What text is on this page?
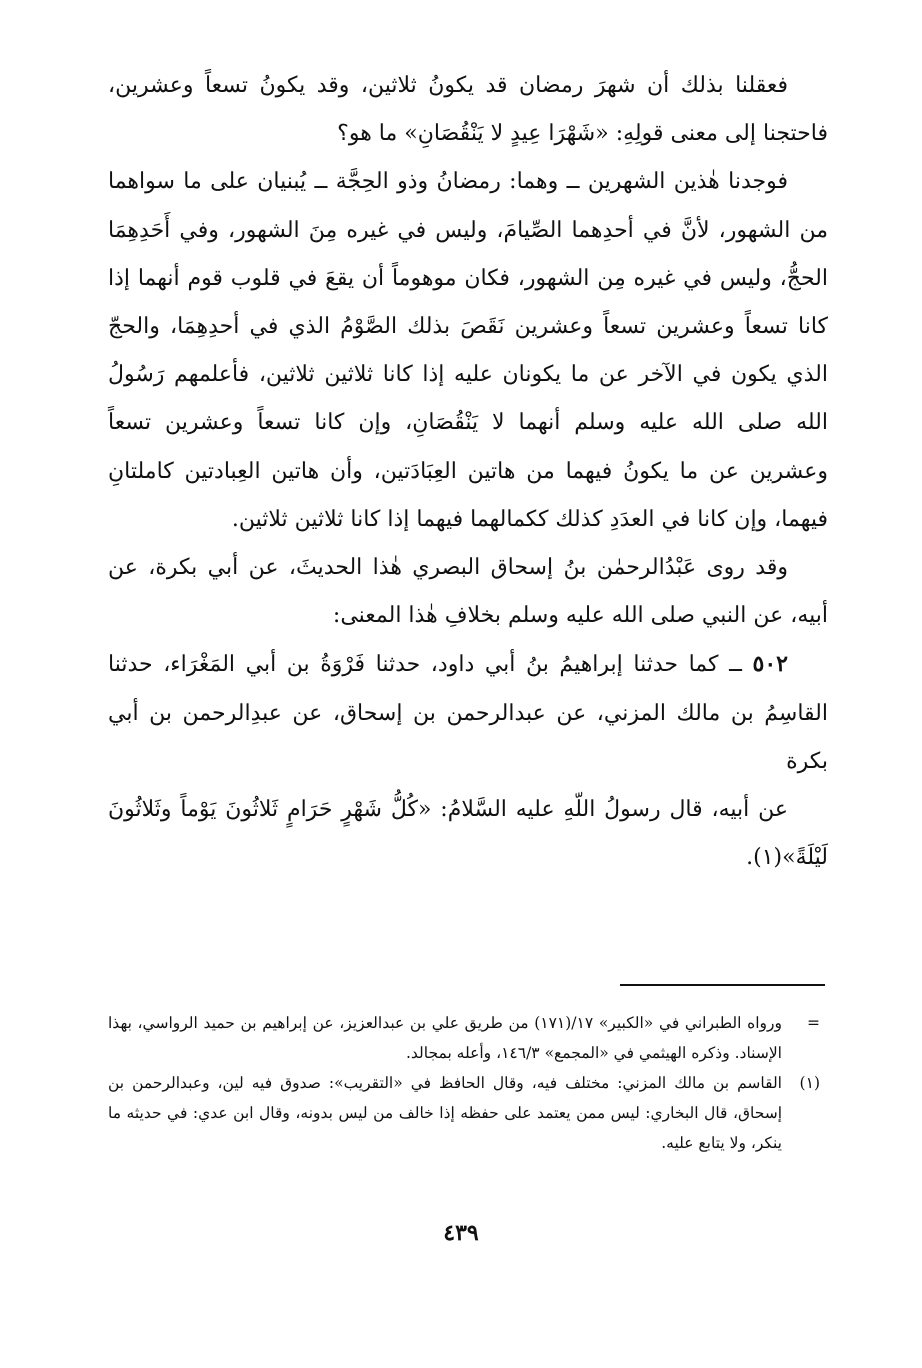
فعقلنا بذلك أن شهرَ رمضان قد يكونُ ثلاثين، وقد يكونُ تسعاً وعشرين، فاحتجنا إلى معنى قولِهِ: «شَهْرَا عِيدٍ لا يَنْقُصَانِ» ما هو؟

فوجدنا هٰذين الشهرين ــ وهما: رمضانُ وذو الحِجَّة ــ يُبنيان على ما سواهما من الشهور، لأنَّ في أحدِهما الصِّيامَ، وليس في غيره مِنَ الشهور، وفي أَحَدِهِمَا الحجُّ، وليس في غيره مِن الشهور، فكان موهوماً أن يقعَ في قلوب قوم أنهما إذا كانا تسعاً وعشرين تسعاً وعشرين نَقَصَ بذلك الصَّوْمُ الذي في أحدِهِمَا، والحجّ الذي يكون في الآخر عن ما يكونان عليه إذا كانا ثلاثين ثلاثين، فأعلمهم رَسُولُ الله صلى الله عليه وسلم أنهما لا يَنْقُصَانِ، وإن كانا تسعاً وعشرين تسعاً وعشرين عن ما يكونُ فيهما من هاتين العِبَادَتين، وأن هاتين العِبادتين كاملتانِ فيهما، وإن كانا في العدَدِ كذلك ككمالهما فيهما إذا كانا ثلاثين ثلاثين.

وقد روى عَبْدُالرحمٰن بنُ إسحاق البصري هٰذا الحديثَ، عن أبي بكرة، عن أبيه، عن النبي صلى الله عليه وسلم بخلافِ هٰذا المعنى:

٥٠٢ ــ كما حدثنا إبراهيمُ بنُ أبي داود، حدثنا فَرْوَةُ بن أبي المَغْرَاء، حدثنا القاسِمُ بن مالك المزني، عن عبدالرحمن بن إسحاق، عن عبدِالرحمن بن أبي بكرة

عن أبيه، قال رسولُ اللّهِ عليه السَّلامُ: «كُلُّ شَهْرٍ حَرَامٍ ثَلاثُونَ يَوْماً وثَلاثُونَ لَيْلَةً»(١).

=
ورواه الطبراني في «الكبير» ١٧/(١٧١) من طريق علي بن عبدالعزيز، عن إبراهيم بن حميد الرواسي، بهذا الإسناد. وذكره الهيثمي في «المجمع» ١٤٦/٣، وأعله بمجالد.
(١)
القاسم بن مالك المزني: مختلف فيه، وقال الحافظ في «التقريب»: صدوق فيه لين، وعبدالرحمن بن إسحاق، قال البخاري: ليس ممن يعتمد على حفظه إذا خالف من ليس بدونه، وقال ابن عدي: في حديثه ما ينكر، ولا يتابع عليه.
٤٣٩
